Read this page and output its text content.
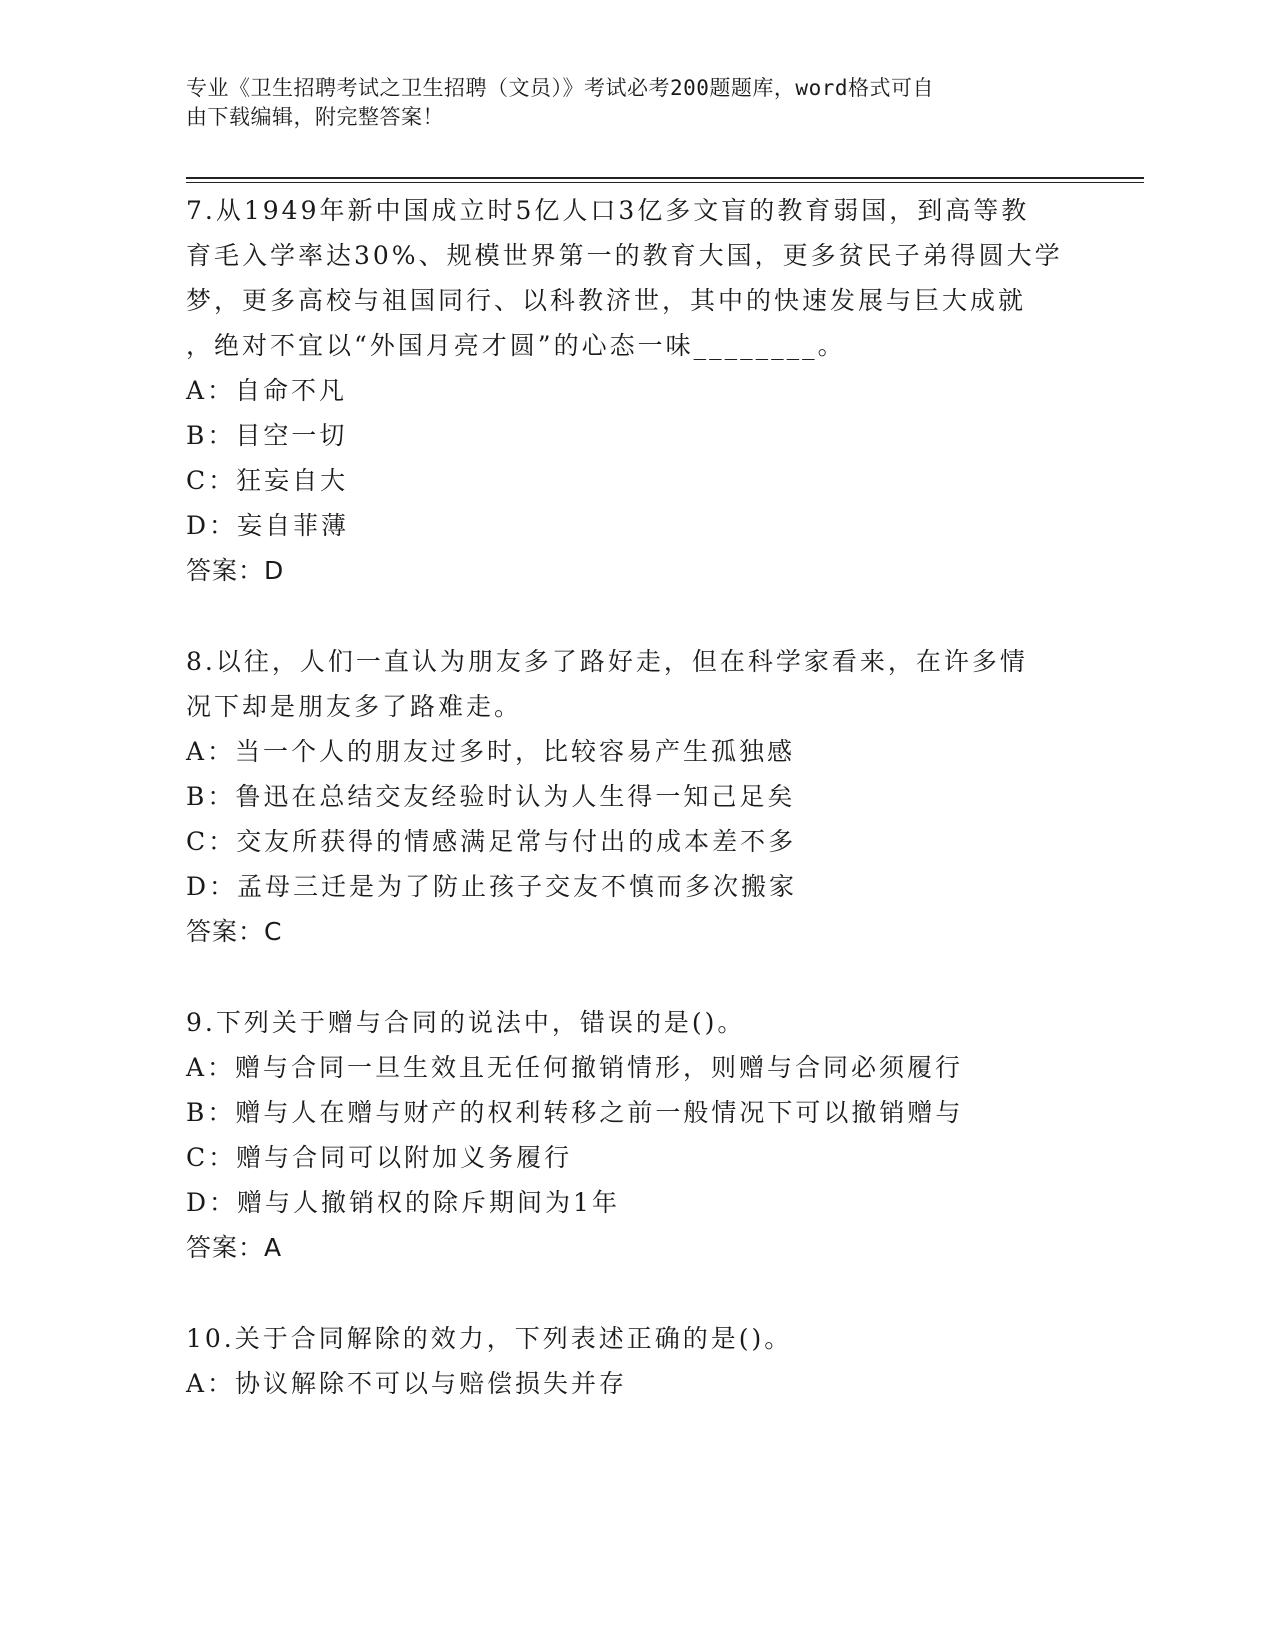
专业《卫生招聘考试之卫生招聘（文员）》考试必考200题题库，word格式可自
由下载编辑，附完整答案！
7.从1949年新中国成立时5亿人口3亿多文盲的教育弱国，到高等教
育毛入学率达30%、规模世界第一的教育大国，更多贫民子弟得圆大学
梦，更多高校与祖国同行、以科教济世，其中的快速发展与巨大成就
，绝对不宜以“外国月亮才圆”的心态一味________。
A：自命不凡
B：目空一切
C：狂妄自大
D：妄自菲薄
答案：D
8.以往，人们一直认为朋友多了路好走，但在科学家看来，在许多情
况下却是朋友多了路难走。
A：当一个人的朋友过多时，比较容易产生孤独感
B：鲁迅在总结交友经验时认为人生得一知己足矣
C：交友所获得的情感满足常与付出的成本差不多
D：孟母三迁是为了防止孩子交友不慎而多次搬家
答案：C
9.下列关于赠与合同的说法中，错误的是()。
A：赠与合同一旦生效且无任何撤销情形，则赠与合同必须履行
B：赠与人在赠与财产的权利转移之前一般情况下可以撤销赠与
C：赠与合同可以附加义务履行
D：赠与人撤销权的除斥期间为1年
答案：A
10.关于合同解除的效力，下列表述正确的是()。
A：协议解除不可以与赔偿损失并存
